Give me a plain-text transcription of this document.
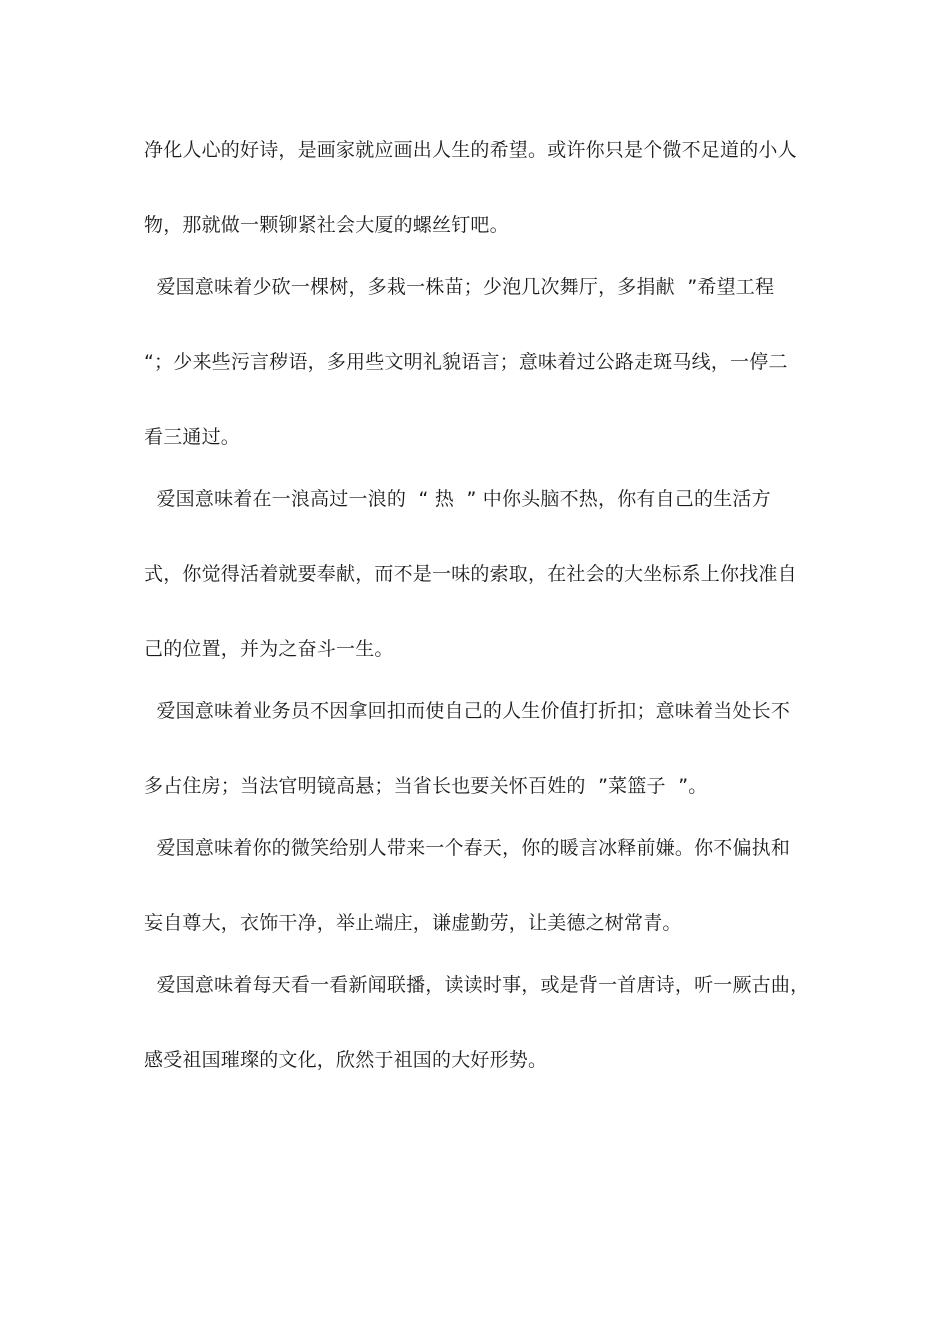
净化人心的好诗，是画家就应画出人生的希望。或许你只是个微不足道的小人
物，那就做一颗铆紧社会大厦的螺丝钉吧。
爱国意味着少砍一棵树，多栽一株苗；少泡几次舞厅，多捐献  ”希望工程
“；少来些污言秽语，多用些文明礼貌语言；意味着过公路走斑马线，一停二
看三通过。
爱国意味着在一浪高过一浪的  “ 热  ” 中你头脑不热，你有自己的生活方
式，你觉得活着就要奉献，而不是一味的索取，在社会的大坐标系上你找准自
己的位置，并为之奋斗一生。
爱国意味着业务员不因拿回扣而使自己的人生价值打折扣；意味着当处长不
多占住房；当法官明镜高悬；当省长也要关怀百姓的  ”菜篮子  ”。
爱国意味着你的微笑给别人带来一个春天，你的暖言冰释前嫌。你不偏执和
妄自尊大，衣饰干净，举止端庄，谦虚勤劳，让美德之树常青。
爱国意味着每天看一看新闻联播，读读时事，或是背一首唐诗，听一厥古曲，
感受祖国璀璨的文化，欣然于祖国的大好形势。
